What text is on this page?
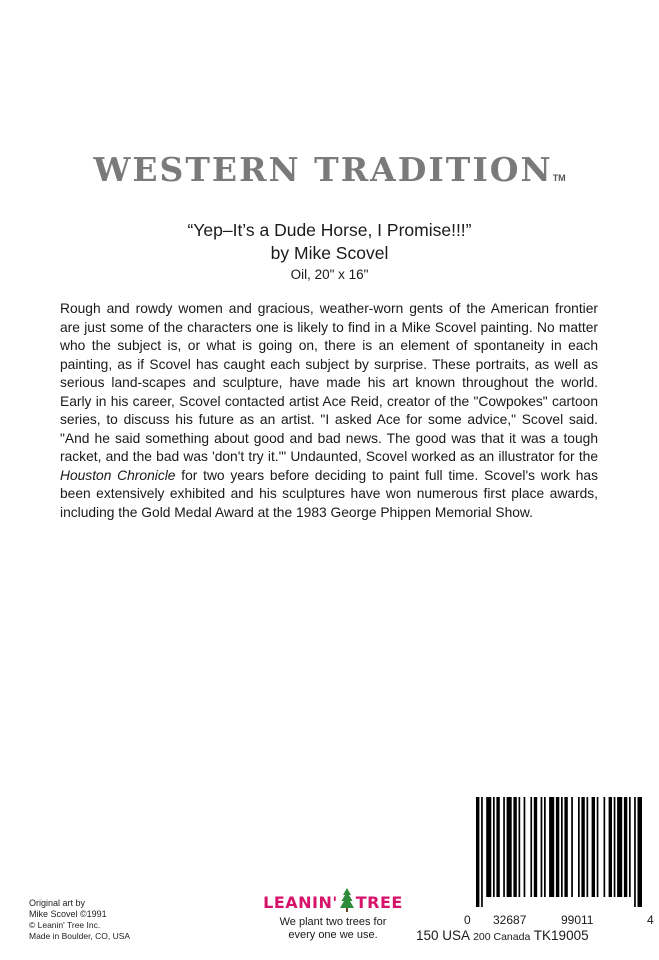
WESTERN TRADITIONTM
“Yep–It’s a Dude Horse, I Promise!!!”
by Mike Scovel
Oil, 20" x 16"
Rough and rowdy women and gracious, weather-worn gents of the American frontier are just some of the characters one is likely to find in a Mike Scovel painting. No matter who the subject is, or what is going on, there is an element of spontaneity in each painting, as if Scovel has caught each subject by surprise. These portraits, as well as serious land-scapes and sculpture, have made his art known throughout the world. Early in his career, Scovel contacted artist Ace Reid, creator of the "Cowpokes" cartoon series, to discuss his future as an artist. "I asked Ace for some advice," Scovel said. "And he said something about good and bad news. The good was that it was a tough racket, and the bad was 'don't try it.'" Undaunted, Scovel worked as an illustrator for the Houston Chronicle for two years before deciding to paint full time. Scovel's work has been extensively exhibited and his sculptures have won numerous first place awards, including the Gold Medal Award at the 1983 George Phippen Memorial Show.
Original art by
Mike Scovel ©1991
© Leanin' Tree Inc.
Made in Boulder, CO, USA
LEANIN' TREE
We plant two trees for
every one we use.
0 32687	99011	4
150 USA 200 Canada TK19005
